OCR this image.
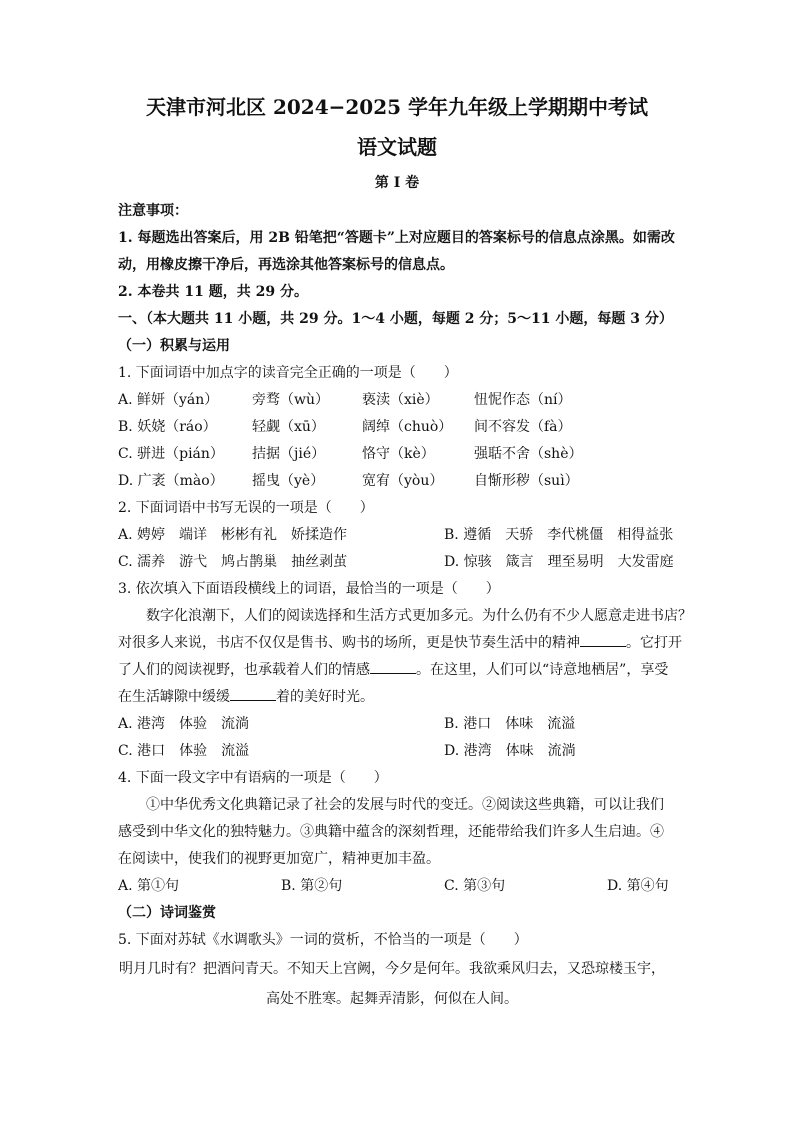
天津市河北区 2024−2025 学年九年级上学期期中考试
语文试题
第 I 卷
注意事项：
1. 每题选出答案后，用 2B 铅笔把“答题卡”上对应题目的答案标号的信息点涂黑。如需改
动，用橡皮擦干净后，再选涂其他答案标号的信息点。
2. 本卷共 11 题，共 29 分。
一、（本大题共 11 小题，共 29 分。1～4 小题，每题 2 分；5～11 小题，每题 3 分）
（一）积累与运用
1. 下面词语中加点字的读音完全正确的一项是（　　）
A. 鲜妍（yán）	旁骛（wù）	亵渎（xiè）	忸怩作态（ní）
B. 妖娆（ráo）	轻觑（xū）	阔绰（chuò）	间不容发（fà）
C. 骈进（pián）	拮据（jié）	恪守（kè）	强聒不舍（shè）
D. 广袤（mào）	摇曳（yè）	宽宥（yòu）	自惭形秽（suì）
2. 下面词语中书写无误的一项是（　　）
A. 娉婷　端详　彬彬有礼　娇揉造作	B. 遵循　天骄　李代桃僵　相得益张
C. 濡养　游弋　鸠占鹊巢　抽丝剥茧	D. 惊骇　箴言　理至易明　大发雷庭
3. 依次填入下面语段横线上的词语，最恰当的一项是（　　）
数字化浪潮下，人们的阅读选择和生活方式更加多元。为什么仍有不少人愿意走进书店？
对很多人来说，书店不仅仅是售书、购书的场所，更是快节奏生活中的精神	。它打开
了人们的阅读视野，也承载着人们的情感	。在这里，人们可以“诗意地栖居”，享受
在生活罅隙中缓缓	着的美好时光。
A. 港湾　体验　流淌	B. 港口　体味　流溢
C. 港口　体验　流溢	D. 港湾　体味　流淌
4. 下面一段文字中有语病的一项是（　　）
①中华优秀文化典籍记录了社会的发展与时代的变迁。②阅读这些典籍，可以让我们
感受到中华文化的独特魅力。③典籍中蕴含的深刻哲理，还能带给我们许多人生启迪。④
在阅读中，使我们的视野更加宽广，精神更加丰盈。
A. 第①句	B. 第②句	C. 第③句	D. 第④句
（二）诗词鉴赏
5. 下面对苏轼《水调歌头》一词的赏析，不恰当的一项是（　　）
明月几时有？把酒问青天。不知天上宫阙，今夕是何年。我欲乘风归去，又恐琼楼玉宇，
高处不胜寒。起舞弄清影，何似在人间。
